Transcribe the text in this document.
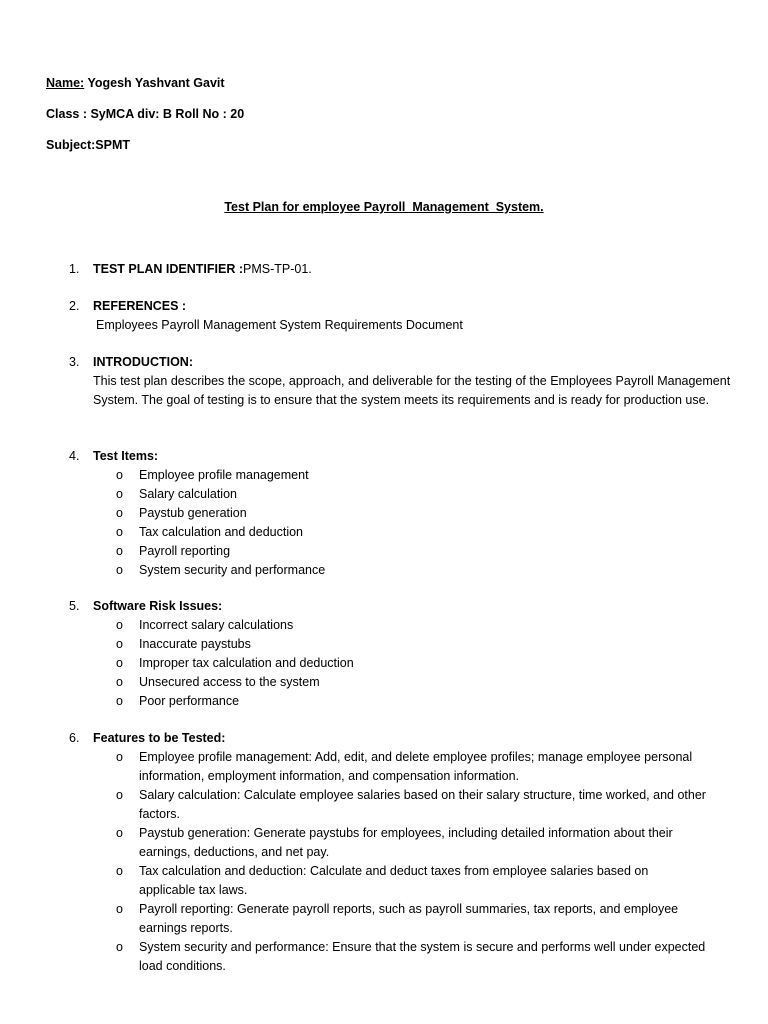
Name: Yogesh Yashvant Gavit
Class : SyMCA div: B Roll No : 20
Subject:SPMT
Test Plan for employee Payroll  Management  System.
1.	TEST PLAN IDENTIFIER : PMS-TP-01.
2.	REFERENCES :
Employees Payroll Management System Requirements Document
3.	INTRODUCTION:
This test plan describes the scope, approach, and deliverable for the testing of the Employees Payroll Management System. The goal of testing is to ensure that the system meets its requirements and is ready for production use.
4.	Test Items:
o	Employee profile management
o	Salary calculation
o	Paystub generation
o	Tax calculation and deduction
o	Payroll reporting
o	System security and performance
5.	Software Risk Issues:
o	Incorrect salary calculations
o	Inaccurate paystubs
o	Improper tax calculation and deduction
o	Unsecured access to the system
o	Poor performance
6.	Features to be Tested:
o	Employee profile management: Add, edit, and delete employee profiles; manage employee personal information, employment information, and compensation information.
o	Salary calculation: Calculate employee salaries based on their salary structure, time worked, and other factors.
o	Paystub generation: Generate paystubs for employees, including detailed information about their earnings, deductions, and net pay.
o	Tax calculation and deduction: Calculate and deduct taxes from employee salaries based on applicable tax laws.
o	Payroll reporting: Generate payroll reports, such as payroll summaries, tax reports, and employee earnings reports.
o	System security and performance: Ensure that the system is secure and performs well under expected load conditions.
